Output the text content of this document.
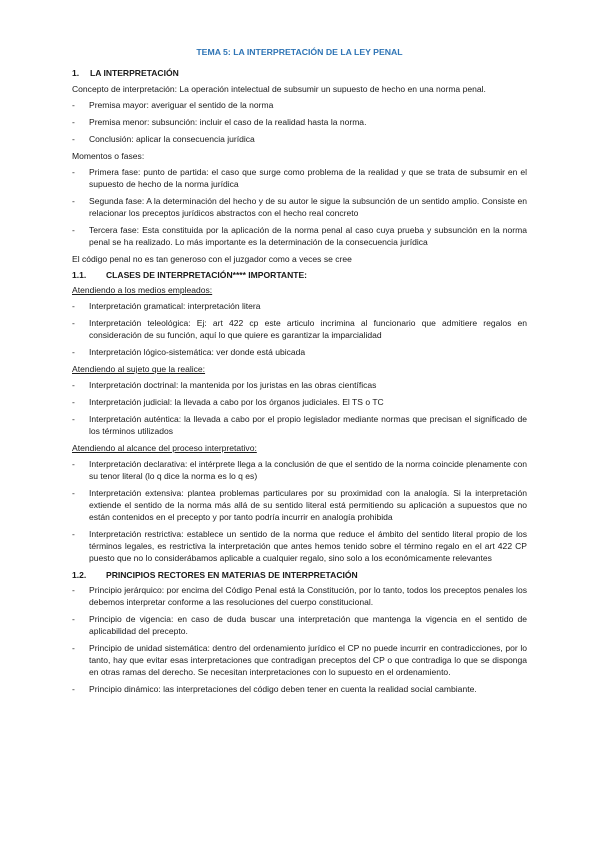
TEMA 5: LA INTERPRETACIÓN DE LA LEY PENAL
1.	LA INTERPRETACIÓN

Concepto de interpretación: La operación intelectual de subsumir un supuesto de hecho en una norma penal.

- Premisa mayor: averiguar el sentido de la norma
- Premisa menor: subsunción: incluir el caso de la realidad hasta la norma.
- Conclusión: aplicar la consecuencia jurídica

Momentos o fases:

- Primera fase: punto de partida: el caso que surge como problema de la realidad y que se trata de subsumir en el supuesto de hecho de la norma jurídica
- Segunda fase: A la determinación del hecho y de su autor le sigue la subsunción de un sentido amplio. Consiste en relacionar los preceptos jurídicos abstractos con el hecho real concreto
- Tercera fase: Esta constituida por la aplicación de la norma penal al caso cuya prueba y subsunción en la norma penal se ha realizado. Lo más importante es la determinación de la consecuencia jurídica

El código penal no es tan generoso con el juzgador como a veces se cree

1.1.	CLASES DE INTERPRETACIÓN**** IMPORTANTE:
Atendiendo a los medios empleados:
- Interpretación gramatical: interpretación litera
- Interpretación teleológica: Ej: art 422 cp este articulo incrimina al funcionario que admitiere regalos en consideración de su función, aquí lo que quiere es garantizar la imparcialidad
- Interpretación lógico-sistemática: ver donde está ubicada
Atendiendo al sujeto que la realice:
- Interpretación doctrinal: la mantenida por los juristas en las obras científicas
- Interpretación judicial: la llevada a cabo por los órganos judiciales. El TS o TC
- Interpretación auténtica: la llevada a cabo por el propio legislador mediante normas que precisan el significado de los términos utilizados
Atendiendo al alcance del proceso interpretativo:
- Interpretación declarativa: el intérprete llega a la conclusión de que el sentido de la norma coincide plenamente con su tenor literal (lo q dice la norma es lo q es)
- Interpretación extensiva: plantea problemas particulares por su proximidad con la analogía. Si la interpretación extiende el sentido de la norma más allá de su sentido literal está permitiendo su aplicación a supuestos que no están contenidos en el precepto y por tanto podría incurrir en analogía prohibida
- Interpretación restrictiva: establece un sentido de la norma que reduce el ámbito del sentido literal propio de los términos legales, es restrictiva la interpretación que antes hemos tenido sobre el término regalo en el art 422 CP puesto que no lo considerábamos aplicable a cualquier regalo, sino solo a los económicamente relevantes
1.2.	PRINCIPIOS RECTORES EN MATERIAS DE INTERPRETACIÓN
- Principio jerárquico: por encima del Código Penal está la Constitución, por lo tanto, todos los preceptos penales los debemos interpretar conforme a las resoluciones del cuerpo constitucional.
- Principio de vigencia: en caso de duda buscar una interpretación que mantenga la vigencia en el sentido de aplicabilidad del precepto.
- Principio de unidad sistemática: dentro del ordenamiento jurídico el CP no puede incurrir en contradicciones, por lo tanto, hay que evitar esas interpretaciones que contradigan preceptos del CP o que contradiga lo que se disponga en otras ramas del derecho. Se necesitan interpretaciones con lo supuesto en el ordenamiento.
- Principio dinámico: las interpretaciones del código deben tener en cuenta la realidad social cambiante.
